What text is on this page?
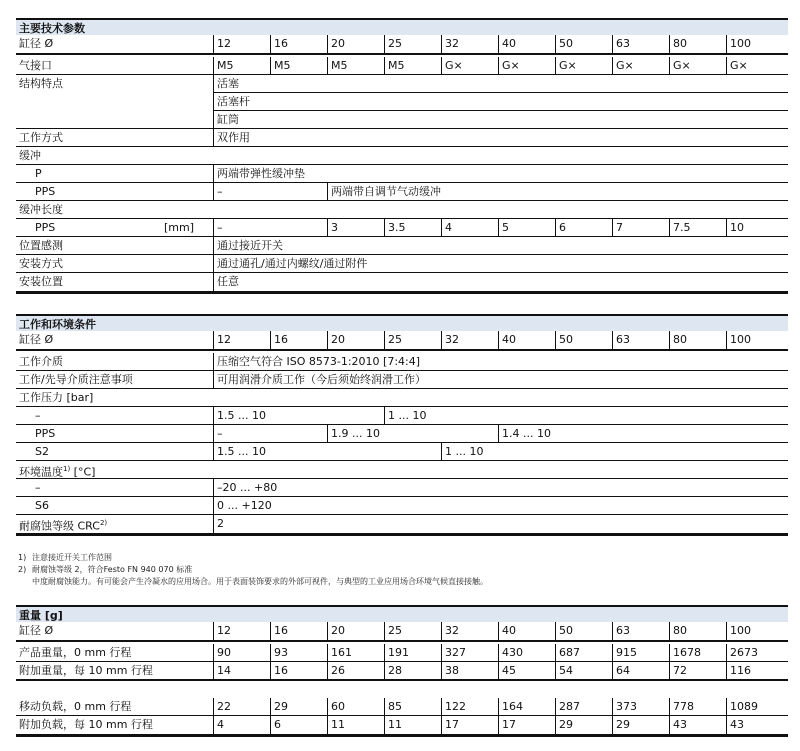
主要技术参数
缸径 Ø	12	16	20	25	32	40	50	63	80	100
气接口	M5	M5	M5	M5	G⨯	G⨯	G⨯	G⨯	G⨯	G⨯
结构特点	活塞
活塞杆
缸筒
工作方式	双作用
缓冲
P	两端带弹性缓冲垫
PPS	–	两端带自调节气动缓冲
缓冲长度
PPS	[mm]	–	3	3.5	4	5	6	7	7.5	10
位置感测	通过接近开关
安装方式	通过通孔/通过内螺纹/通过附件
安装位置	任意
工作和环境条件
缸径 Ø	12	16	20	25	32	40	50	63	80	100
工作介质	压缩空气符合 ISO 8573-1:2010 [7:4:4]
工作/先导介质注意事项	可用润滑介质工作（今后须始终润滑工作）
工作压力 [bar]
–	1.5 ... 10	1 ... 10
PPS	–	1.9 ... 10	1.4 ... 10
S2	1.5 ... 10	1 ... 10
环境温度$^{1)}$ [°C]
–	–20 ... +80
S6	0 ... +120
耐腐蚀等级 CRC$^{2)}$	2
1) 注意接近开关工作范围
2) 耐腐蚀等级 2，符合Festo FN 940 070 标准
中度耐腐蚀能力。有可能会产生冷凝水的应用场合。用于表面装饰要求的外部可视件，与典型的工业应用场合环境气候直接接触。
重量 [g]
缸径 Ø	12	16	20	25	32	40	50	63	80	100
产品重量，0 mm 行程	90	93	161	191	327	430	687	915	1678	2673
附加重量，每 10 mm 行程	14	16	26	28	38	45	54	64	72	116
移动负载，0 mm 行程	22	29	60	85	122	164	287	373	778	1089
附加负载，每 10 mm 行程	4	6	11	11	17	17	29	29	43	43
